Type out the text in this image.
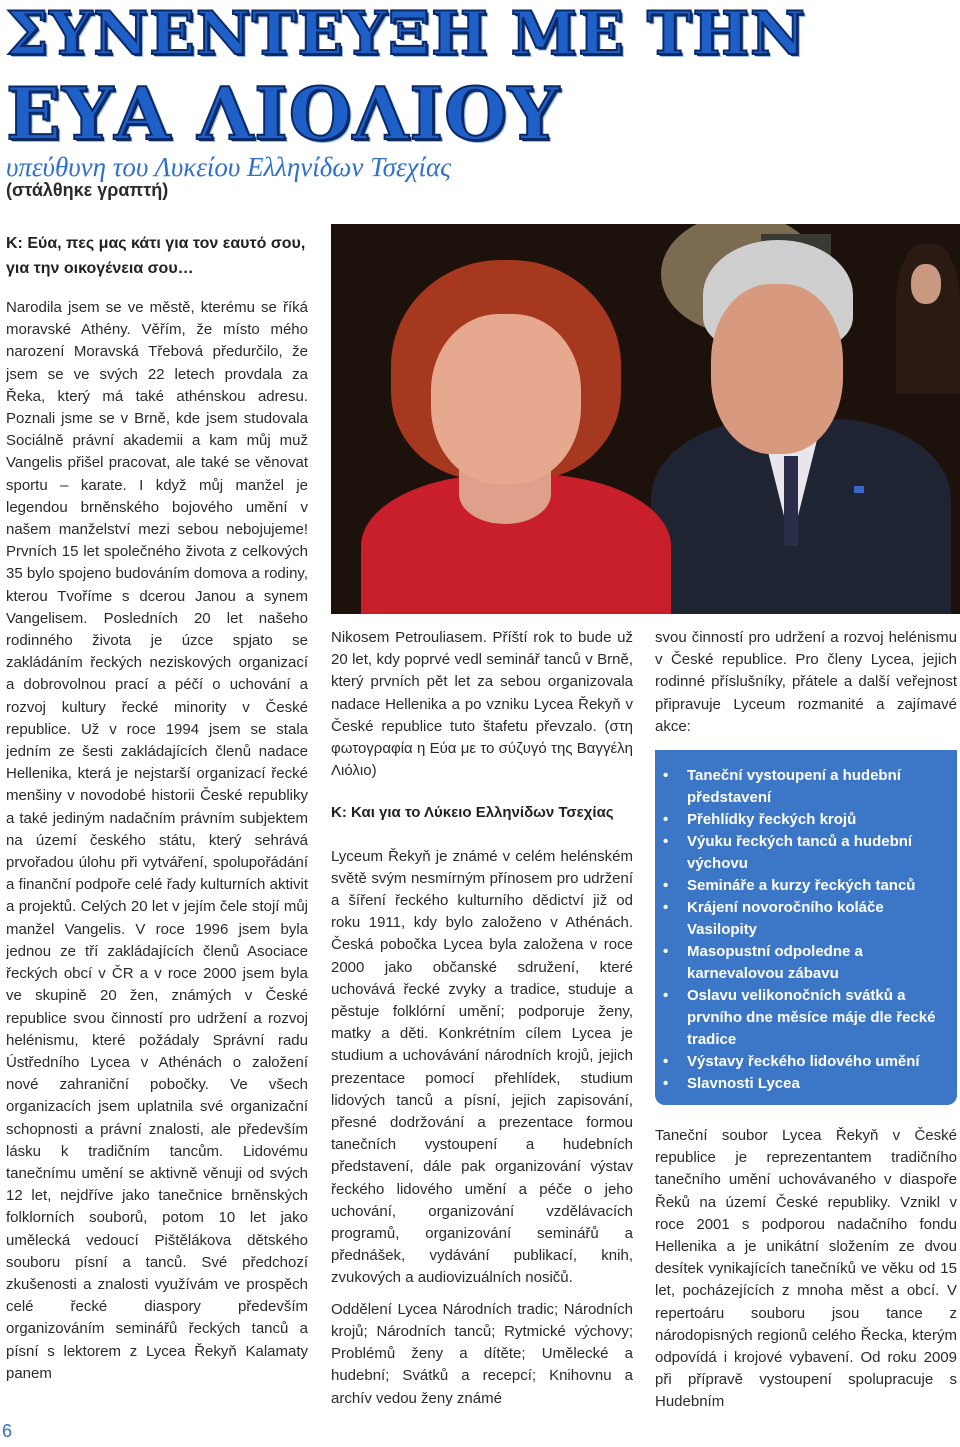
ΣΥΝΕΝΤΕΥΞΗ ΜΕ ΤΗΝ
ΕΥΑ ΛΙΟΛΙΟΥ

υπεύθυνη του Λυκείου Ελληνίδων Τσεχίας

(στάλθηκε γραπτή)

Κ: Εύα, πες μας κάτι για τον εαυτό σου, για την οικογένεια σου…

Narodila jsem se ve městě, kterému se říká moravské Athény. Věřím, že místo mého narození Moravská Třebová předurčilo, že jsem se ve svých 22 letech provdala za Řeka, který má také athénskou adresu. Poznali jsme se v Brně, kde jsem studovala Sociálně právní akademii a kam můj muž Vangelis přišel pracovat, ale také se věnovat sportu – karate. I když můj manžel je legendou brněnského bojového umění v našem manželství mezi sebou nebojujeme! Prvních 15 let společného života z celkových 35 bylo spojeno budováním domova a rodiny, kterou Tvoříme s dcerou Janou a synem Vangelisem. Posledních 20 let našeho rodinného života je úzce spjato se zakládáním řeckých neziskových organizací a dobrovolnou prací a péčí o uchování a rozvoj kultury řecké minority v České republice. Už v roce 1994 jsem se stala jedním ze šesti zakládajících členů nadace Hellenika, která je nejstarší organizací řecké menšiny v novodobé historii České republiky a také jediným nadačním právním subjektem na území českého státu, který sehrává prvořadou úlohu při vytváření, spolupořádání a finanční podpoře celé řady kulturních aktivit a projektů. Celých 20 let v jejím čele stojí můj manžel Vangelis. V roce 1996 jsem byla jednou ze tří zakládajících členů Asociace řeckých obcí v ČR a v roce 2000 jsem byla ve skupině 20 žen, známých v České republice svou činností pro udržení a rozvoj helénismu, které požádaly Správní radu Ústředního Lycea v Athénách o založení nové zahraniční pobočky. Ve všech organizacích jsem uplatnila své organizační schopnosti a právní znalosti, ale především lásku k tradičním tancům. Lidovému tanečnímu umění se aktivně věnuji od svých 12 let, nejdříve jako tanečnice brněnských folklorních souborů, potom 10 let jako umělecká vedoucí Pištělákova dětského souboru písní a tanců. Své předchozí zkušenosti a znalosti využívám ve prospěch celé řecké diaspory především organizováním seminářů řeckých tanců a písní s lektorem z Lycea Řekyň Kalamaty panem

Nikosem Petrouliasem. Příští rok to bude už 20 let, kdy poprvé vedl seminář tanců v Brně, který prvních pět let za sebou organizovala nadace Hellenika a po vzniku Lycea Řekyň v České republice tuto štafetu převzalo. (στη φωτογραφία η Εύα με το σύζυγό της Βαγγέλη Λιόλιο)

Κ: Και για το Λύκειο Ελληνίδων Τσεχίας

Lyceum Řekyň je známé v celém helénském světě svým nesmírným přínosem pro udržení a šíření řeckého kulturního dědictví již od roku 1911, kdy bylo založeno v Athénách. Česká pobočka Lycea byla založena v roce 2000 jako občanské sdružení, které uchovává řecké zvyky a tradice, studuje a pěstuje folklórní umění; podporuje ženy, matky a děti. Konkrétním cílem Lycea je studium a uchovávání národních krojů, jejich prezentace pomocí přehlídek, studium lidových tanců a písní, jejich zapisování, přesné dodržování a prezentace formou tanečních vystoupení a hudebních představení, dále pak organizování výstav řeckého lidového umění a péče o jeho uchování, organizování vzdělávacích programů, organizování seminářů a přednášek, vydávání publikací, knih, zvukových a audiovizuálních nosičů.

Oddělení Lycea Národních tradic; Národních krojů; Národních tanců; Rytmické výchovy; Problémů ženy a dítěte; Umělecké a hudební; Svátků a recepcí; Knihovnu a archív vedou ženy známé

svou činností pro udržení a rozvoj helénismu v České republice. Pro členy Lycea, jejich rodinné příslušníky, přátele a další veřejnost připravuje Lyceum rozmanité a zajímavé akce:

• Taneční vystoupení a hudební představení
• Přehlídky řeckých krojů
• Výuku řeckých tanců a hudební výchovu
• Semináře a kurzy řeckých tanců
• Krájení novoročního koláče Vasilopity
• Masopustní odpoledne a karnevalovou zábavu
• Oslavu velikonočních svátků a prvního dne měsíce máje dle řecké tradice
• Výstavy řeckého lidového umění
• Slavnosti Lycea

Taneční soubor Lycea Řekyň v České republice je reprezentantem tradičního tanečního umění uchovávaného v diaspoře Řeků na území České republiky. Vznikl v roce 2001 s podporou nadačního fondu Hellenika a je unikátní složením ze dvou desítek vynikajících tanečníků ve věku od 15 let, pocházejících z mnoha měst a obcí. V repertoáru souboru jsou tance z národopisných regionů celého Řecka, kterým odpovídá i krojové vybavení. Od roku 2009 při přípravě vystoupení spolupracuje s Hudebním

6
